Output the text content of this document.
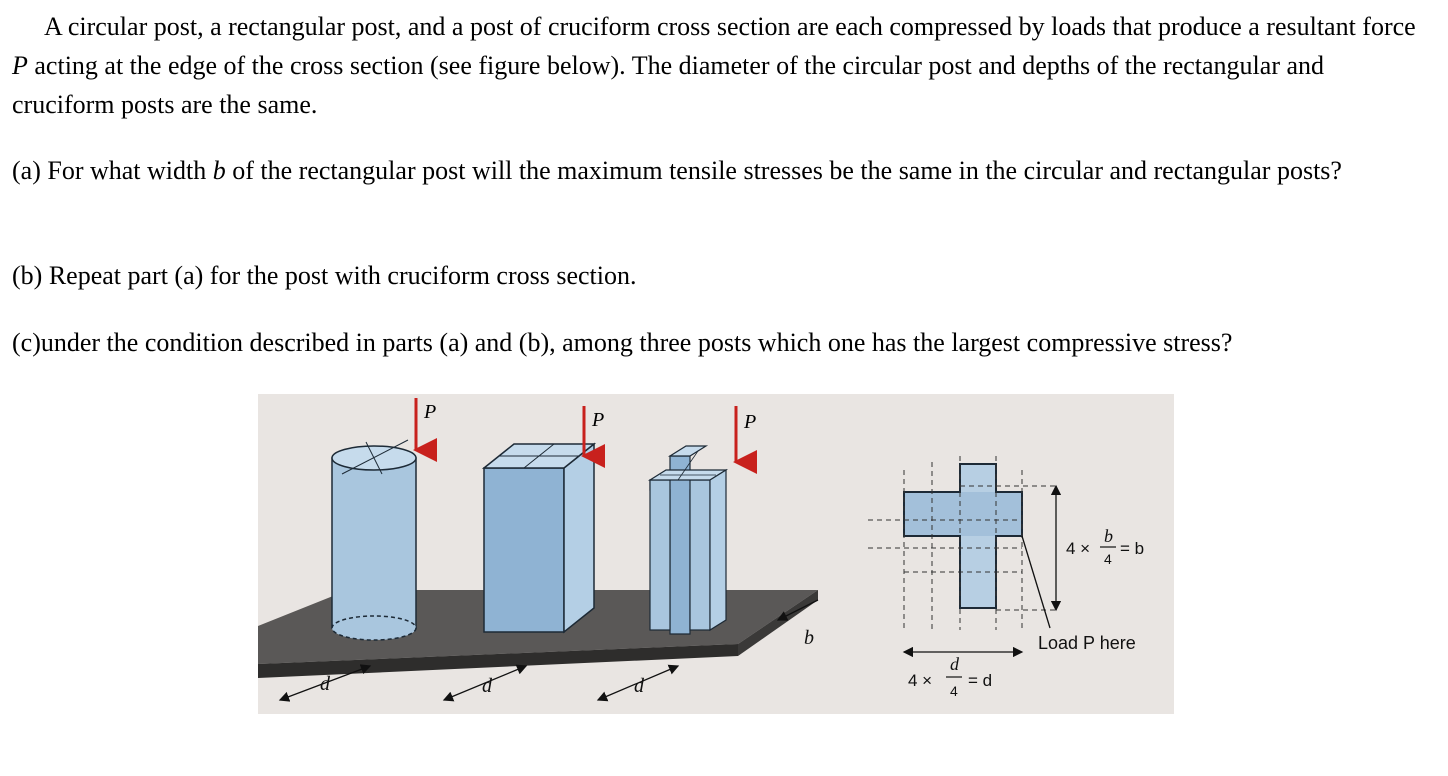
A circular post, a rectangular post, and a post of cruciform cross section are each compressed by loads that produce a resultant force P acting at the edge of the cross section (see figure below). The diameter of the circular post and depths of the rectangular and cruciform posts are the same.

(a) For what width b of the rectangular post will the maximum tensile stresses be the same in the circular and rectangular posts?

(b) Repeat part (a) for the post with cruciform cross section.

(c)under the condition described in parts (a) and (b), among three posts which one has the largest compressive stress?

P	P	P
d	d	d
b
4 ×
b
4
= b
4 ×
d
4
= d
Load P here
